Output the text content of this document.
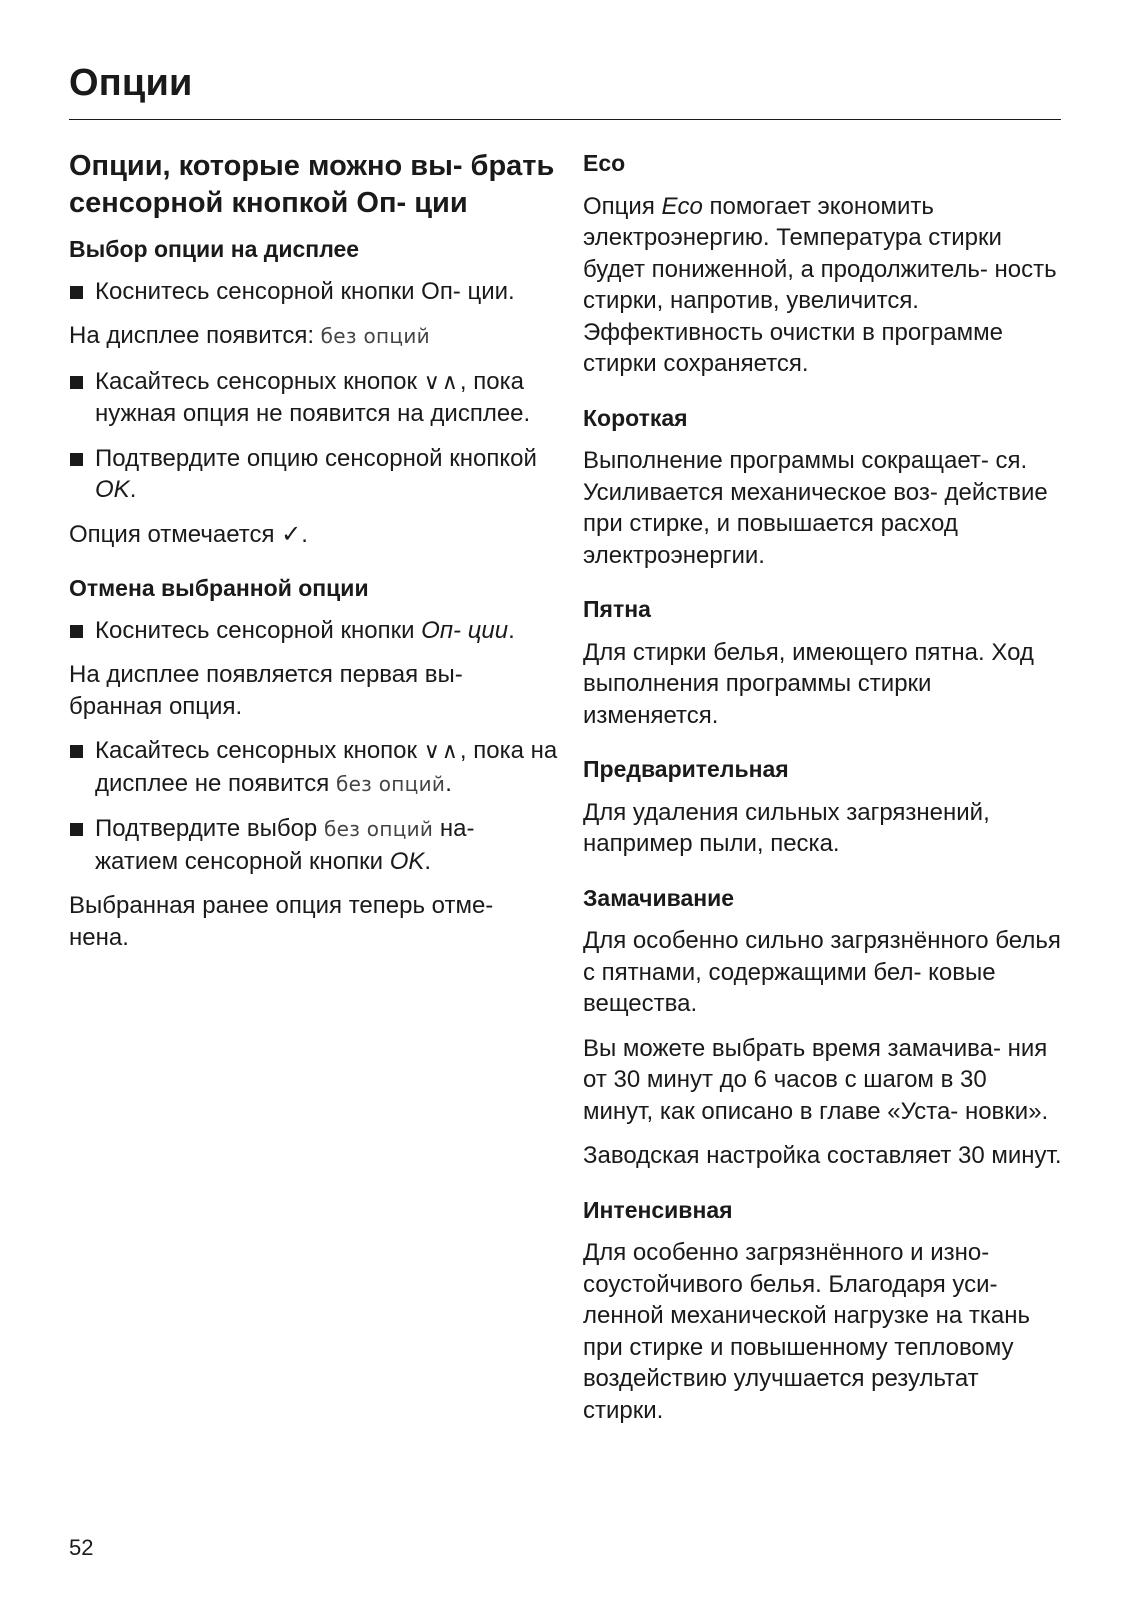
Опции
Опции, которые можно вы- брать сенсорной кнопкой Оп- ции
Выбор опции на дисплее
Коснитесь сенсорной кнопки Оп- ции.
На дисплее появится: без опций
Касайтесь сенсорных кнопок ∨∧, пока нужная опция не появится на дисплее.
Подтвердите опцию сенсорной кнопкой OK.
Опция отмечается ✓.
Отмена выбранной опции
Коснитесь сенсорной кнопки Оп- ции.
На дисплее появляется первая вы- бранная опция.
Касайтесь сенсорных кнопок ∨∧, пока на дисплее не появится без опций.
Подтвердите выбор без опций на- жатием сенсорной кнопки OK.
Выбранная ранее опция теперь отме- нена.
Eco
Опция Eco помогает экономить электроэнергию. Температура стирки будет пониженной, а продолжитель- ность стирки, напротив, увеличится. Эффективность очистки в программе стирки сохраняется.
Короткая
Выполнение программы сокращает- ся. Усиливается механическое воз- действие при стирке, и повышается расход электроэнергии.
Пятна
Для стирки белья, имеющего пятна. Ход выполнения программы стирки изменяется.
Предварительная
Для удаления сильных загрязнений, например пыли, песка.
Замачивание
Для особенно сильно загрязнённого белья с пятнами, содержащими бел- ковые вещества.
Вы можете выбрать время замачива- ния от 30 минут до 6 часов с шагом в 30 минут, как описано в главе «Уста- новки».
Заводская настройка составляет 30 минут.
Интенсивная
Для особенно загрязнённого и изно- соустойчивого белья. Благодаря уси- ленной механической нагрузке на ткань при стирке и повышенному тепловому воздействию улучшается результат стирки.
52
